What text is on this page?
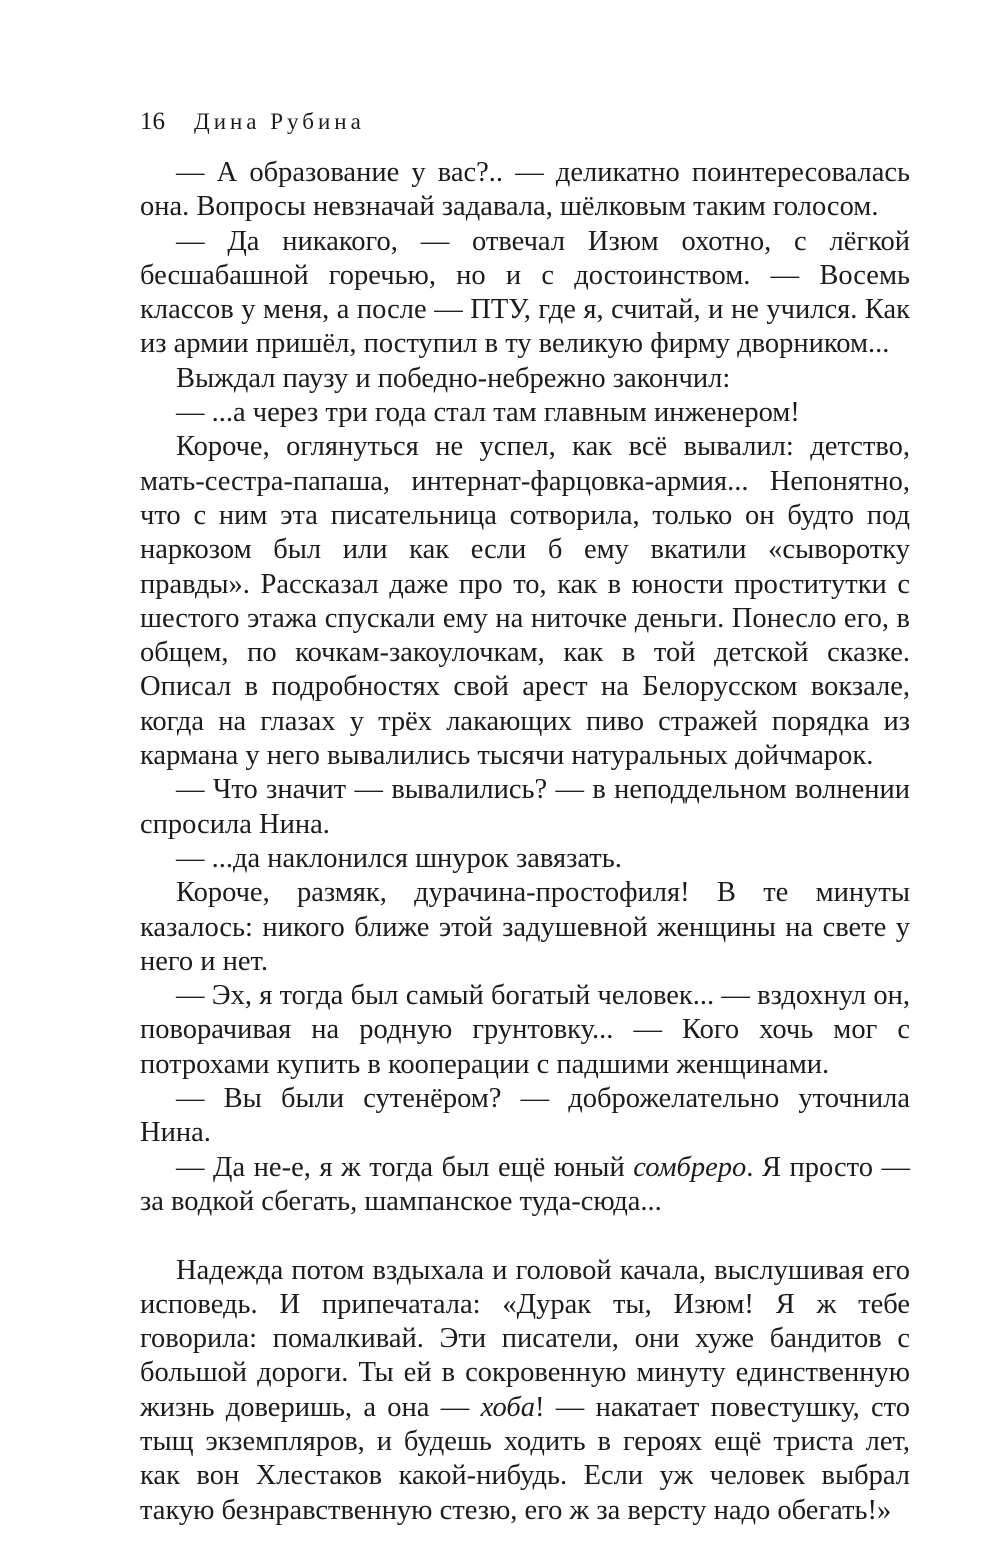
16 Дина Рубина

— А образование у вас?.. — деликатно поинтересовалась она. Вопросы невзначай задавала, шёлковым таким голосом.

— Да никакого, — отвечал Изюм охотно, с лёгкой бесшабашной горечью, но и с достоинством. — Восемь классов у меня, а после — ПТУ, где я, считай, и не учился. Как из армии пришёл, поступил в ту великую фирму дворником...

Выждал паузу и победно-небрежно закончил:

— ...а через три года стал там главным инженером!

Короче, оглянуться не успел, как всё вывалил: детство, мать-сестра-папаша, интернат-фарцовка-армия... Непонятно, что с ним эта писательница сотворила, только он будто под наркозом был или как если б ему вкатили «сыворотку правды». Рассказал даже про то, как в юности проститутки с шестого этажа спускали ему на ниточке деньги. Понесло его, в общем, по кочкам-закоулочкам, как в той детской сказке. Описал в подробностях свой арест на Белорусском вокзале, когда на глазах у трёх лакающих пиво стражей порядка из кармана у него вывалились тысячи натуральных дойчмарок.

— Что значит — вывалились? — в неподдельном волнении спросила Нина.

— ...да наклонился шнурок завязать.

Короче, размяк, дурачина-простофиля! В те минуты казалось: никого ближе этой задушевной женщины на свете у него и нет.

— Эх, я тогда был самый богатый человек... — вздохнул он, поворачивая на родную грунтовку... — Кого хочь мог с потрохами купить в кооперации с падшими женщинами.

— Вы были сутенёром? — доброжелательно уточнила Нина.

— Да не-е, я ж тогда был ещё юный сомбреро. Я просто — за водкой сбегать, шампанское туда-сюда...

Надежда потом вздыхала и головой качала, выслушивая его исповедь. И припечатала: «Дурак ты, Изюм! Я ж тебе говорила: помалкивай. Эти писатели, они хуже бандитов с большой дороги. Ты ей в сокровенную минуту единственную жизнь доверишь, а она — хоба! — накатает повестушку, сто тыщ экземпляров, и будешь ходить в героях ещё триста лет, как вон Хлестаков какой-нибудь. Если уж человек выбрал такую безнравственную стезю, его ж за версту надо обегать!»
